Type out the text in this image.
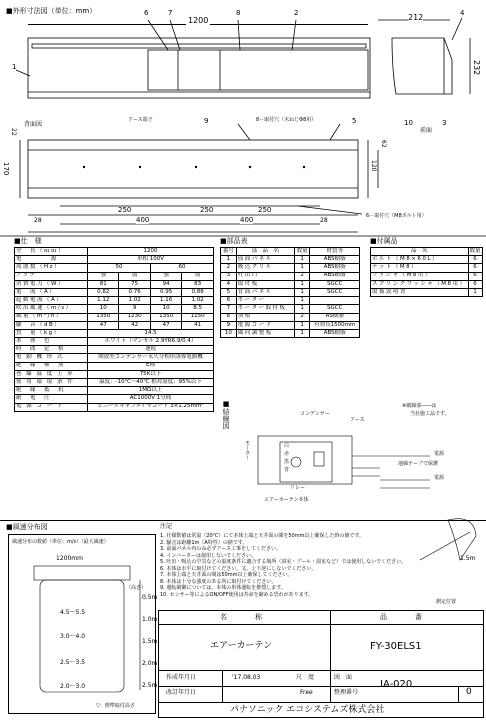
■外形寸法図（単位：mm）
1200
6	7	8	2
1
4
3
10
9	5
212
232
前面
背面図
アース端子	8－取付穴（木ねじΦ8用）
6－取付穴（M8ボルト用）
170
22
120
62
250	250	250
400	400
28	28
■仕　様
全　長（ｍｍ）	1200			
電　　　　源	単相 100V			
周波数（Hz）	50		60	
ノッチ	強	弱	強	弱
消費電力（W）	81	75	94	83
電　流（A）	0.82	0.76	0.95	0.88
起動電流（A）	1.12	1.02	1.16	1.02
吹出風速（m/s）	10	9	10	8.5
風量（m³/h）	1350	1230	1350	1150
騒　音（dB）	47	42	47	41
質　量（kg）	14.5			
本　体　色	ホワイト（マンセル 2.9YR6.9/0.4）			
時　間　定　格	連続			
電 動 機 形 式	開放型コンデンサー永久分相形誘導電動機			
絶　縁　種　別	E種			
巻 線 温 度 上 昇	75K以下			
使 用 環 境 条 件	温度：-10℃～40℃ 相対湿度：95%以下			
絶　縁　抵　抗	1MΩ以上			
耐　電　圧	AC1000V 1分間			
電 源 コ ー ド	ビニールキャブタイヤコード 3×1.25mm²			
■部品表
番号	部　品　名	数量	材質等
1	前面パネル	1	ABS樹脂
2	吸込グリル	1	ABS樹脂
3	吐出口	2	ABS樹脂
4	取付板	1	SGCC
5	背面パネル	1	SGCC
6	モーター	1	
7	モーター取付板	1	SGCC
8	羽根	2	AS樹脂
9	電源コード	1	有効長1500mm
10	風向調整板	1	ABS樹脂
■付属品
品　名	数量
ボルト（M8×60L）	6
ナット（M8）	6
ワッシャ（M8用）	6
スプリングワッシャ（M8用）	6
取扱説明書	1
■結線図	コンデンサー
アース
モーター
リレー
エアーカーテン本体
※破線部――は
当社施工品です。
白
赤
黒
青
電源
電源
地線テープで保護
■風速分布図
風速分布の数値（単位：m/s）（最大風速）
1200mm
（高さ）
0.5m
1.0m
1.5m
2.0m
2.5m
4.5～5.5
3.0～4.0
2.5～3.5
2.0～3.0
▽：標準取付高さ
注記
1. 仕様数値は常温（20℃）にて本体上端と天井面の間を50mm以上確保した時の値です。
2. 騒音は距離1m（A特性）の値です。
3. 前面パネル内のみ必ずアース工事をしてください。
4. インバーターは使用しないでください。
5. 吐出・吸込の空気などの温度条件に適合する場所（浴室・プール・温室など）では使用しないでください。
6. 本体は水平に取付けてください。又、上下逆にしないでください。
7. 本体上端と天井面の間は50mm以上確保してください。
8. 本体は十分な強度のある所に取付けてください。
9. 運転制御については、本体の単体運転を推奨します。
10. センサー等によるON/OFF使用は寿命を縮める恐れがあります。
1.5m
測定位置
名　　　　称	品　　　　番
エアーカーテン	FY-30ELS1
作成年月日	'17.08.03	尺　度
Free
図　面
整理番号
IA-020
改訂年月日	0
パナソニック エコシステムズ株式会社
